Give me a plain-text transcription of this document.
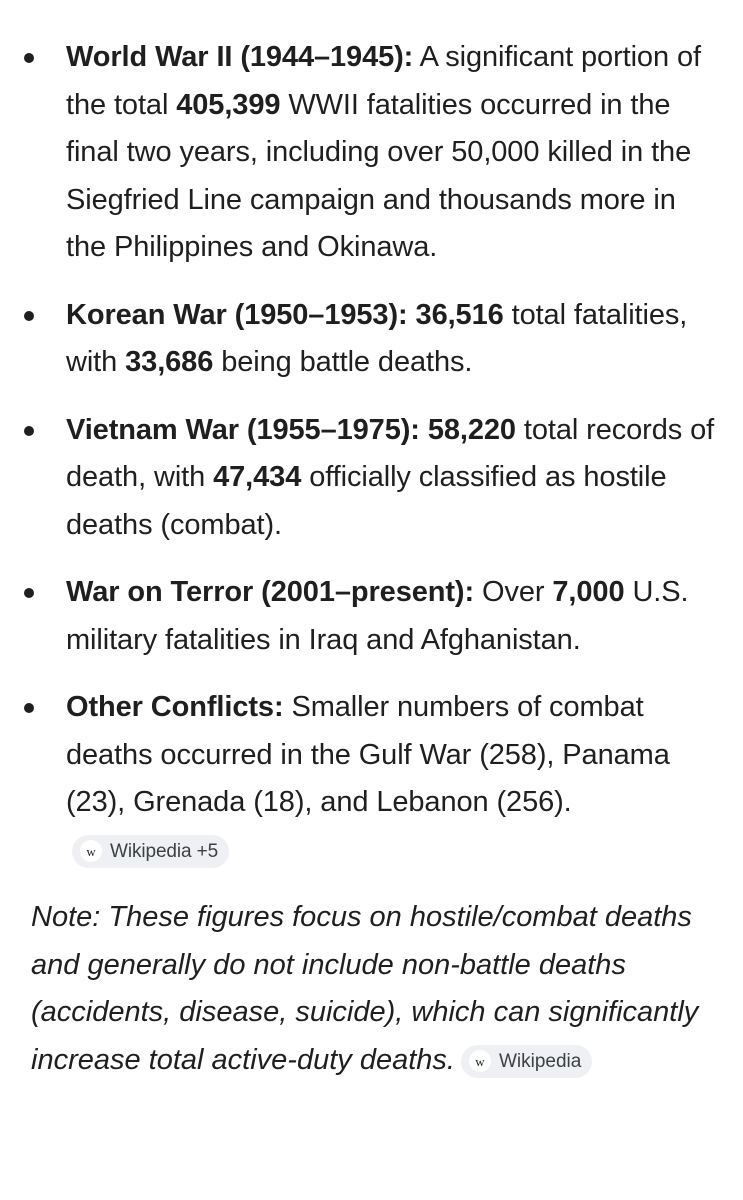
World War II (1944–1945): A significant portion of the total 405,399 WWII fatalities occurred in the final two years, including over 50,000 killed in the Siegfried Line campaign and thousands more in the Philippines and Okinawa.
Korean War (1950–1953): 36,516 total fatalities, with 33,686 being battle deaths.
Vietnam War (1955–1975): 58,220 total records of death, with 47,434 officially classified as hostile deaths (combat).
War on Terror (2001–present): Over 7,000 U.S. military fatalities in Iraq and Afghanistan.
Other Conflicts: Smaller numbers of combat deaths occurred in the Gulf War (258), Panama (23), Grenada (18), and Lebanon (256).
w Wikipedia +5
Note: These figures focus on hostile/combat deaths and generally do not include non-battle deaths (accidents, disease, suicide), which can significantly increase total active-duty deaths.	w Wikipedia
